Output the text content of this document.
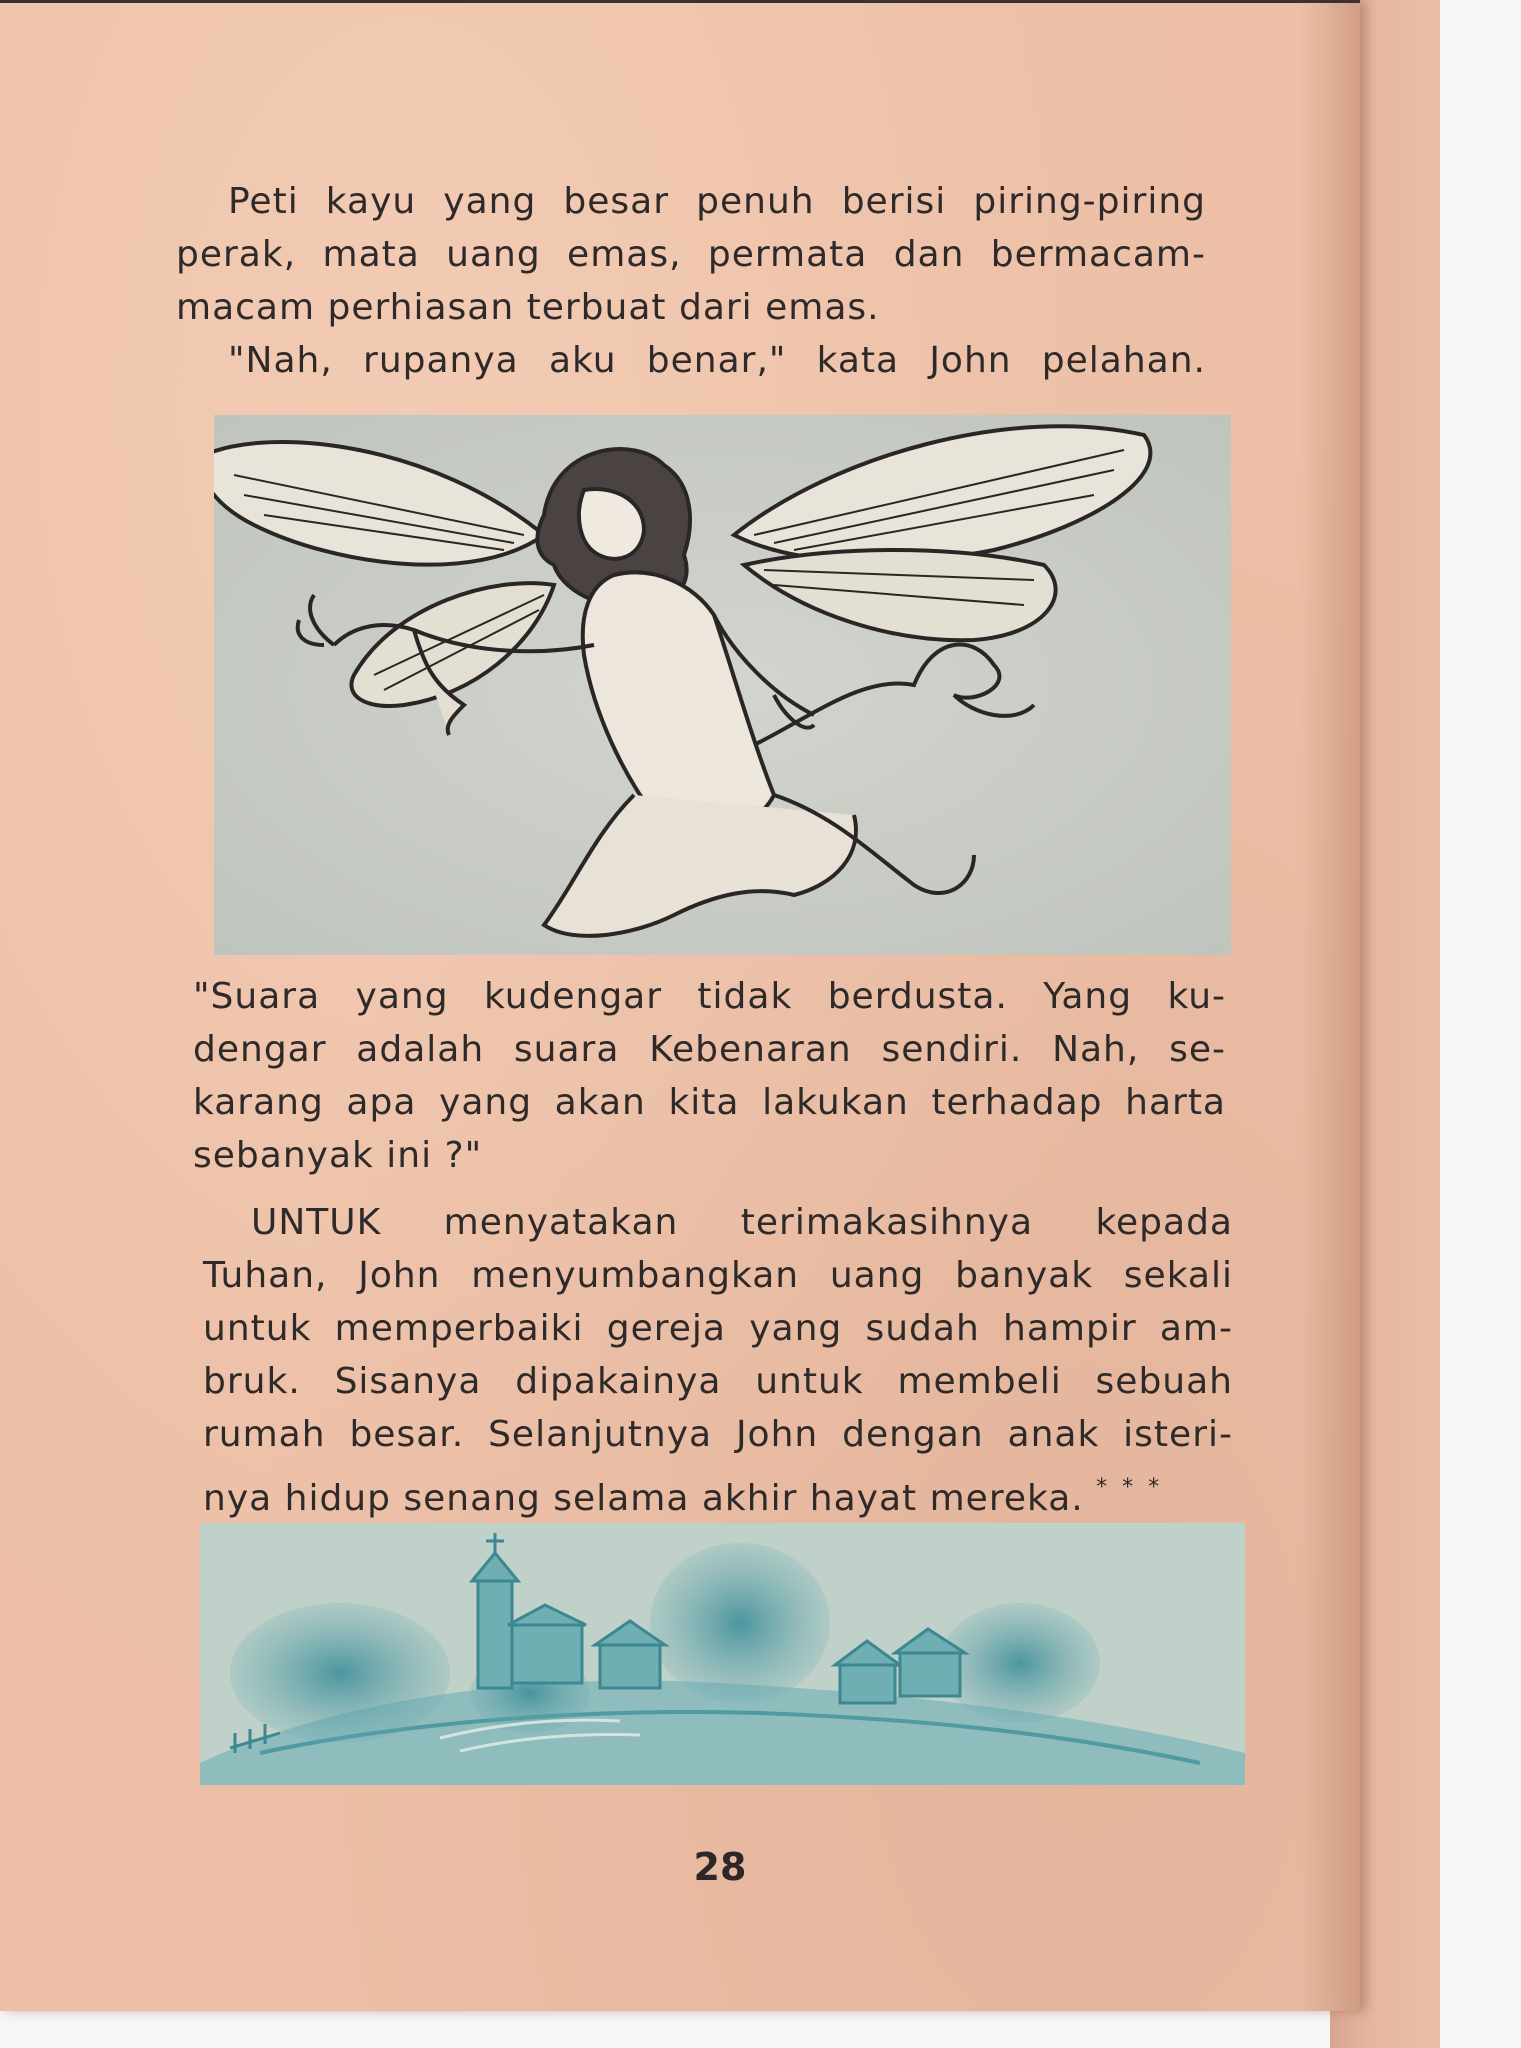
Peti kayu yang besar penuh berisi piring-piring
perak, mata uang emas, permata dan bermacam-
macam perhiasan terbuat dari emas.
"Nah, rupanya aku benar," kata John pelahan.

"Suara yang kudengar tidak berdusta. Yang ku-
dengar adalah suara Kebenaran sendiri. Nah, se-
karang apa yang akan kita lakukan terhadap harta
sebanyak ini ?"

UNTUK menyatakan terimakasihnya kepada
Tuhan, John menyumbangkan uang banyak sekali
untuk memperbaiki gereja yang sudah hampir am-
bruk. Sisanya dipakainya untuk membeli sebuah
rumah besar. Selanjutnya John dengan anak isteri-
nya hidup senang selama akhir hayat mereka. * * *

28
